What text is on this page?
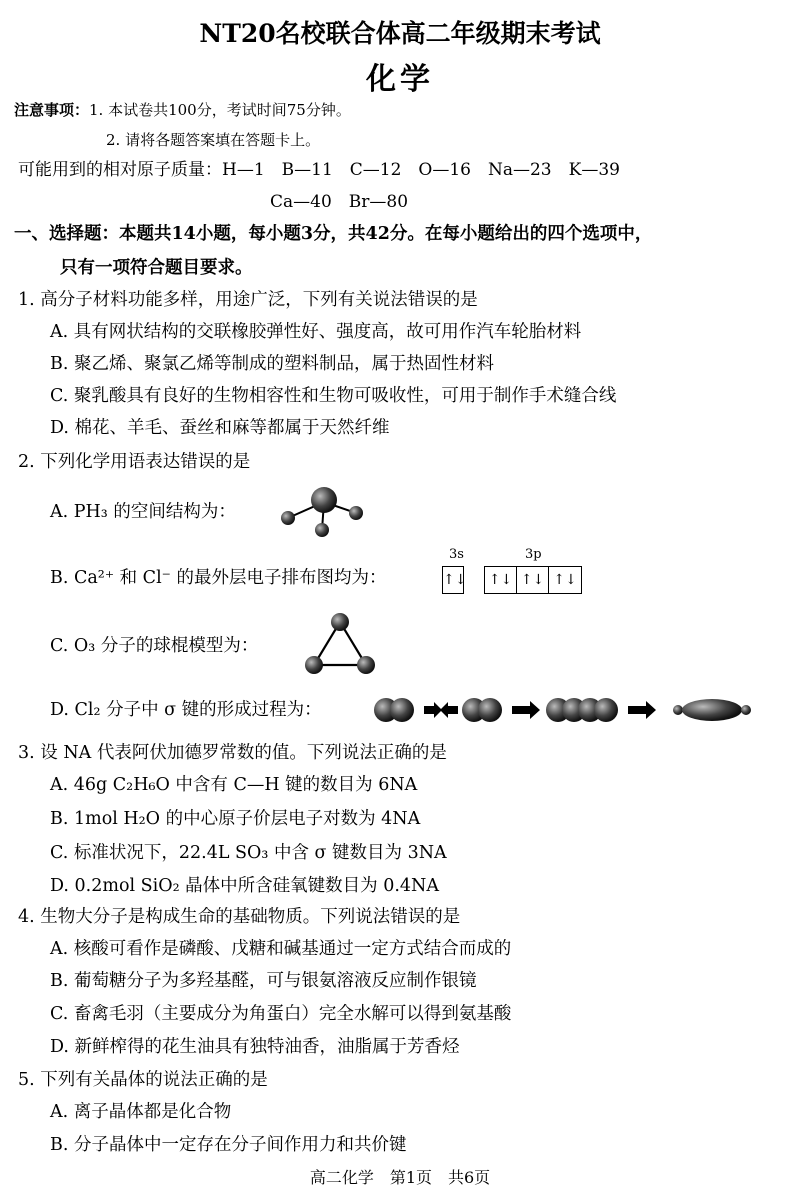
NT20名校联合体高二年级期末考试
化学
注意事项：1. 本试卷共100分，考试时间75分钟。
2. 请将各题答案填在答题卡上。
可能用到的相对原子质量：H—1　B—11　C—12　O—16　Na—23　K—39
Ca—40　Br—80
一、选择题：本题共14小题，每小题3分，共42分。在每小题给出的四个选项中，
只有一项符合题目要求。
1. 高分子材料功能多样，用途广泛，下列有关说法错误的是
A. 具有网状结构的交联橡胶弹性好、强度高，故可用作汽车轮胎材料
B. 聚乙烯、聚氯乙烯等制成的塑料制品，属于热固性材料
C. 聚乳酸具有良好的生物相容性和生物可吸收性，可用于制作手术缝合线
D. 棉花、羊毛、蚕丝和麻等都属于天然纤维
2. 下列化学用语表达错误的是
A. PH₃ 的空间结构为：
B. Ca²⁺ 和 Cl⁻ 的最外层电子排布图均为：
3s	3p
↑↓	↑↓ ↑↓ ↑↓
C. O₃ 分子的球棍模型为：
D. Cl₂ 分子中 σ 键的形成过程为：
3. 设 NA 代表阿伏加德罗常数的值。下列说法正确的是
A. 46g C₂H₆O 中含有 C—H 键的数目为 6NA
B. 1mol H₂O 的中心原子价层电子对数为 4NA
C. 标准状况下，22.4L SO₃ 中含 σ 键数目为 3NA
D. 0.2mol SiO₂ 晶体中所含硅氧键数目为 0.4NA
4. 生物大分子是构成生命的基础物质。下列说法错误的是
A. 核酸可看作是磷酸、戊糖和碱基通过一定方式结合而成的
B. 葡萄糖分子为多羟基醛，可与银氨溶液反应制作银镜
C. 畜禽毛羽（主要成分为角蛋白）完全水解可以得到氨基酸
D. 新鲜榨得的花生油具有独特油香，油脂属于芳香烃
5. 下列有关晶体的说法正确的是
A. 离子晶体都是化合物
B. 分子晶体中一定存在分子间作用力和共价键
高二化学　第1页　共6页
